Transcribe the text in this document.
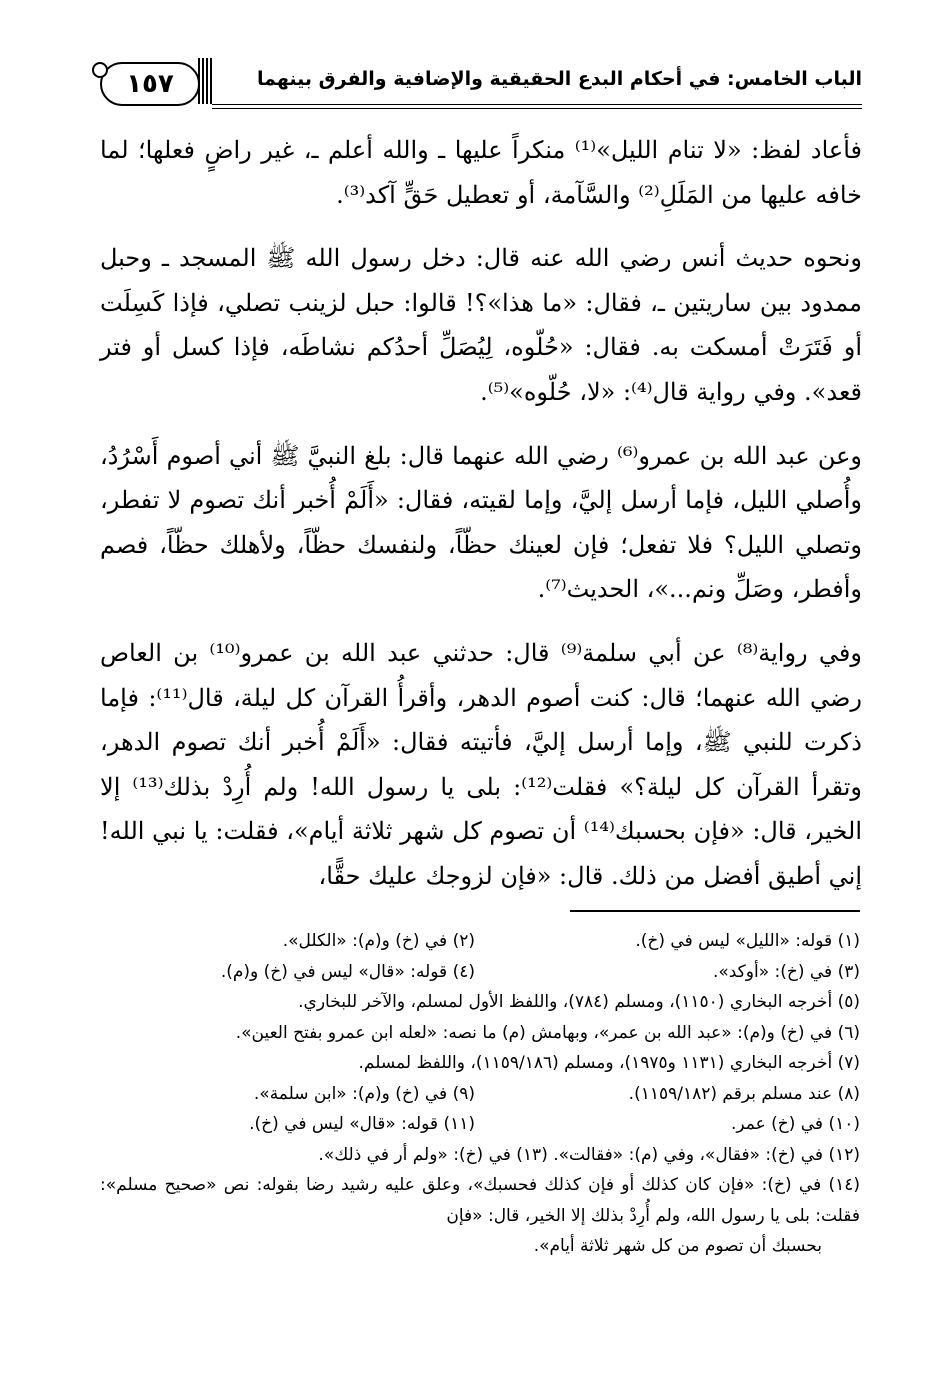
١٥٧	الباب الخامس: في أحكام البدع الحقيقية والإضافية والفرق بينهما

فأعاد لفظ: «لا تنام الليل»⁽¹⁾ منكراً عليها ـ والله أعلم ـ، غير راضٍ فعلها؛ لما خافه عليها من المَلَلِ⁽²⁾ والسَّآمة، أو تعطيل حَقٍّ آكد⁽³⁾.

ونحوه حديث أنس رضي الله عنه قال: دخل رسول الله ﷺ المسجد ـ وحبل ممدود بين ساريتين ـ، فقال: «ما هذا»؟! قالوا: حبل لزينب تصلي، فإذا كَسِلَت أو فَتَرَتْ أمسكت به. فقال: «حُلّوه، لِيُصَلِّ أحدُكم نشاطَه، فإذا كسل أو فتر قعد». وفي رواية قال⁽⁴⁾: «لا، حُلّوه»⁽⁵⁾.

وعن عبد الله بن عمرو⁽⁶⁾ رضي الله عنهما قال: بلغ النبيَّ ﷺ أني أصوم أَسْرُدُ، وأُصلي الليل، فإما أرسل إليَّ، وإما لقيته، فقال: «أَلَمْ أُخبر أنك تصوم لا تفطر، وتصلي الليل؟ فلا تفعل؛ فإن لعينك حظّاً، ولنفسك حظّاً، ولأهلك حظّاً، فصم وأفطر، وصَلِّ ونم...»، الحديث⁽⁷⁾.

وفي رواية⁽⁸⁾ عن أبي سلمة⁽⁹⁾ قال: حدثني عبد الله بن عمرو⁽¹⁰⁾ بن العاص رضي الله عنهما؛ قال: كنت أصوم الدهر، وأقرأُ القرآن كل ليلة، قال⁽¹¹⁾: فإما ذكرت للنبي ﷺ، وإما أرسل إليَّ، فأتيته فقال: «أَلَمْ أُخبر أنك تصوم الدهر، وتقرأ القرآن كل ليلة؟» فقلت⁽¹²⁾: بلى يا رسول الله! ولم أُرِدْ بذلك⁽¹³⁾ إلا الخير، قال: «فإن بحسبك⁽¹⁴⁾ أن تصوم كل شهر ثلاثة أيام»، فقلت: يا نبي الله! إني أطيق أفضل من ذلك. قال: «فإن لزوجك عليك حقًّا،

(١) قوله: «الليل» ليس في (خ).
(٢) في (خ) و(م): «الكلل».
(٣) في (خ): «أوكد».
(٤) قوله: «قال» ليس في (خ) و(م).
(٥) أخرجه البخاري (١١٥٠)، ومسلم (٧٨٤)، واللفظ الأول لمسلم، والآخر للبخاري.
(٦) في (خ) و(م): «عبد الله بن عمر»، وبهامش (م) ما نصه: «لعله ابن عمرو بفتح العين».
(٧) أخرجه البخاري (١١٣١ و١٩٧٥)، ومسلم (١١٥٩/١٨٦)، واللفظ لمسلم.
(٨) عند مسلم برقم (١١٥٩/١٨٢).
(٩) في (خ) و(م): «ابن سلمة».
(١٠) في (خ) عمر.
(١١) قوله: «قال» ليس في (خ).
(١٢) في (خ): «فقال»، وفي (م): «فقالت». (١٣) في (خ): «ولم أر في ذلك».
(١٤) في (خ): «فإن كان كذلك أو فإن كذلك فحسبك»، وعلق عليه رشيد رضا بقوله: نص «صحيح مسلم»: فقلت: بلى يا رسول الله، ولم أُرِدْ بذلك إلا الخير، قال: «فإن
بحسبك أن تصوم من كل شهر ثلاثة أيام».
